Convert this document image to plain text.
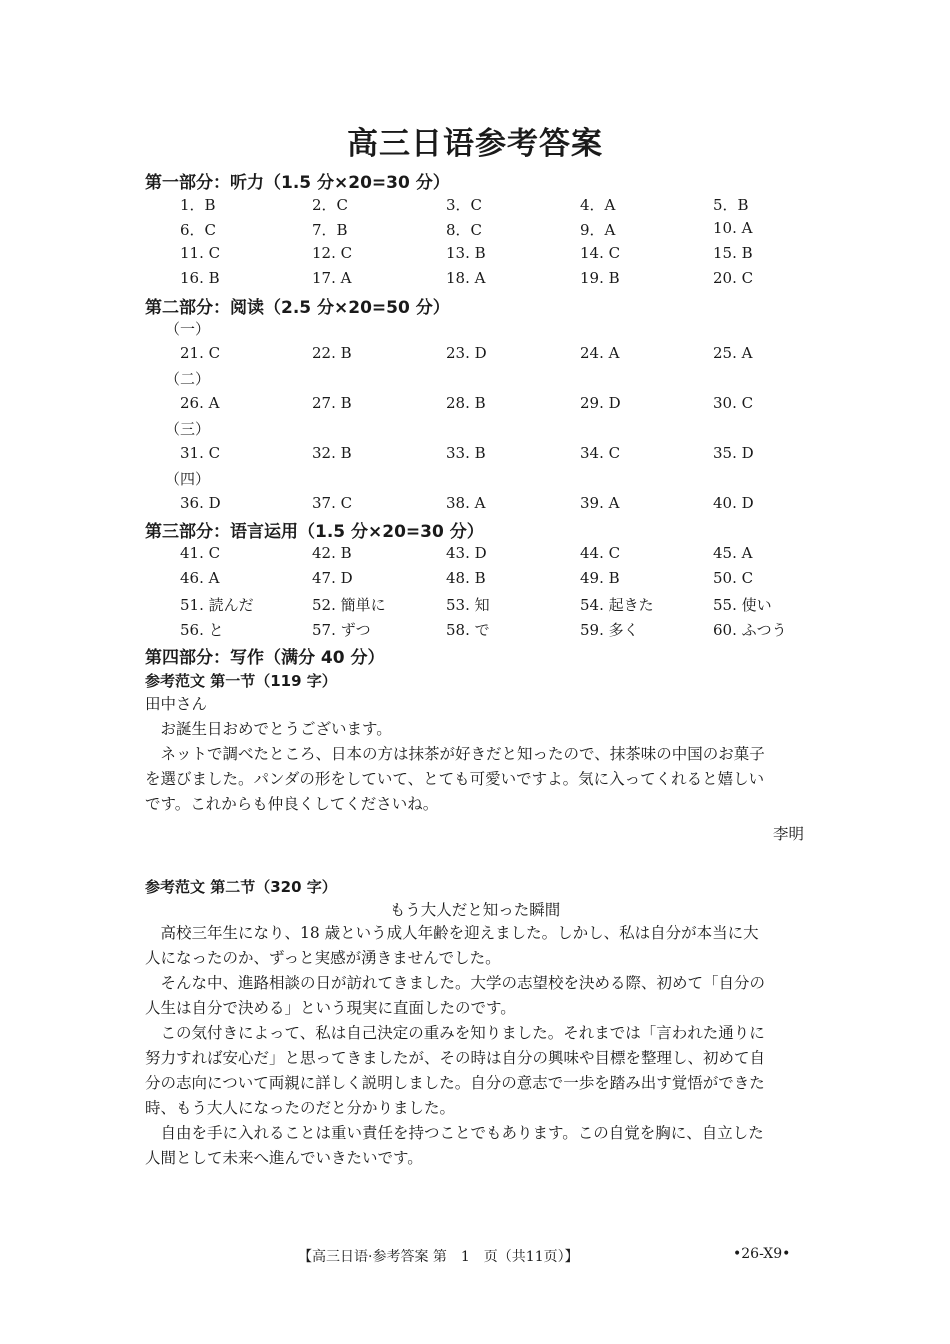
高三日语参考答案
第一部分：听力（1.5 分×20=30 分）
1．B	2．C	3．C	4．A	5．B
6．C	7．B	8．C	9．A	10. A
11. C	12. C	13. B	14. C	15. B
16. B	17. A	18. A	19. B	20. C
第二部分：阅读（2.5 分×20=50 分）
（一）
21. C	22. B	23. D	24. A	25. A
（二）
26. A	27. B	28. B	29. D	30. C
（三）
31. C	32. B	33. B	34. C	35. D
（四）
36. D	37. C	38. A	39. A	40. D
第三部分：语言运用（1.5 分×20=30 分）
41. C	42. B	43. D	44. C	45. A
46. A	47. D	48. B	49. B	50. C
51. 読んだ	52. 簡単に	53. 知	54. 起きた	55. 使い
56. と	57. ずつ	58. で	59. 多く	60. ふつう
第四部分：写作（满分 40 分）
参考范文 第一节（119 字）
田中さん
　お誕生日おめでとうございます。
　ネットで調べたところ、日本の方は抹茶が好きだと知ったので、抹茶味の中国のお菓子
を選びました。パンダの形をしていて、とても可愛いですよ。気に入ってくれると嬉しい
です。これからも仲良くしてくださいね。
李明
参考范文 第二节（320 字）
もう大人だと知った瞬間
　高校三年生になり、18 歳という成人年齢を迎えました。しかし、私は自分が本当に大
人になったのか、ずっと実感が湧きませんでした。
　そんな中、進路相談の日が訪れてきました。大学の志望校を決める際、初めて「自分の
人生は自分で決める」という現実に直面したのです。
　この気付きによって、私は自己決定の重みを知りました。それまでは「言われた通りに
努力すれば安心だ」と思ってきましたが、その時は自分の興味や目標を整理し、初めて自
分の志向について両親に詳しく説明しました。自分の意志で一歩を踏み出す覚悟ができた
時、もう大人になったのだと分かりました。
　自由を手に入れることは重い責任を持つことでもあります。この自覚を胸に、自立した
人間として未来へ進んでいきたいです。
【高三日语·参考答案 第　1　页（共11页）】	•26-X9•
